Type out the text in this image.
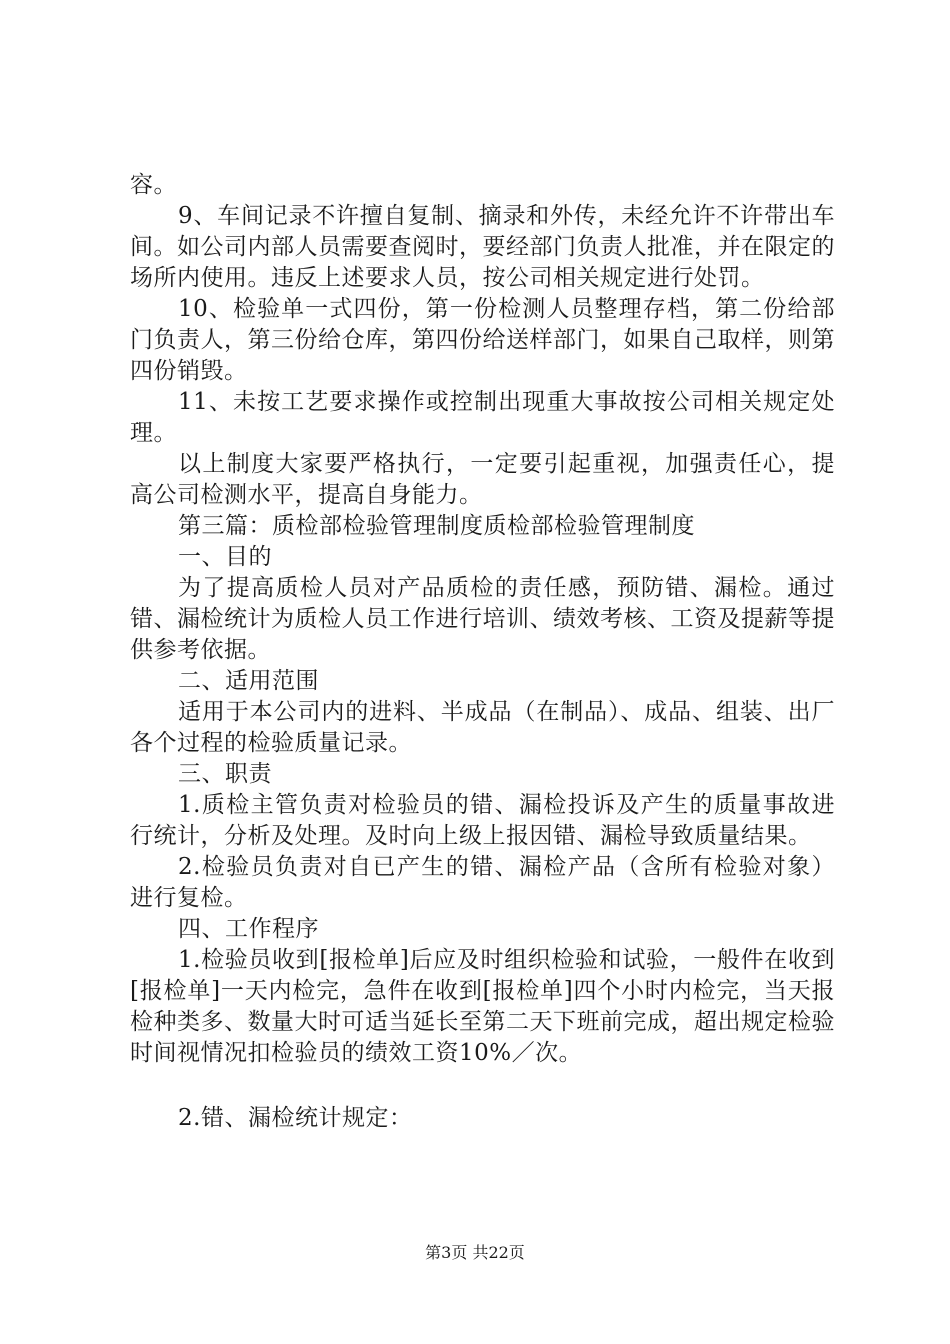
容。

9、车间记录不许擅自复制、摘录和外传，未经允许不许带出车间。如公司内部人员需要查阅时，要经部门负责人批准，并在限定的场所内使用。违反上述要求人员，按公司相关规定进行处罚。

10、检验单一式四份，第一份检测人员整理存档，第二份给部门负责人，第三份给仓库，第四份给送样部门，如果自己取样，则第四份销毁。

11、未按工艺要求操作或控制出现重大事故按公司相关规定处理。

以上制度大家要严格执行，一定要引起重视，加强责任心，提高公司检测水平，提高自身能力。

第三篇：质检部检验管理制度质检部检验管理制度

一、目的

为了提高质检人员对产品质检的责任感，预防错、漏检。通过错、漏检统计为质检人员工作进行培训、绩效考核、工资及提薪等提供参考依据。

二、适用范围

适用于本公司内的进料、半成品（在制品）、成品、组装、出厂各个过程的检验质量记录。

三、职责

1.质检主管负责对检验员的错、漏检投诉及产生的质量事故进行统计，分析及处理。及时向上级上报因错、漏检导致质量结果。

2.检验员负责对自已产生的错、漏检产品（含所有检验对象）进行复检。

四、工作程序

1.检验员收到[报检单]后应及时组织检验和试验，一般件在收到[报检单]一天内检完，急件在收到[报检单]四个小时内检完，当天报检种类多、数量大时可适当延长至第二天下班前完成，超出规定检验时间视情况扣检验员的绩效工资10%／次。

2.错、漏检统计规定：

第3页 共22页
